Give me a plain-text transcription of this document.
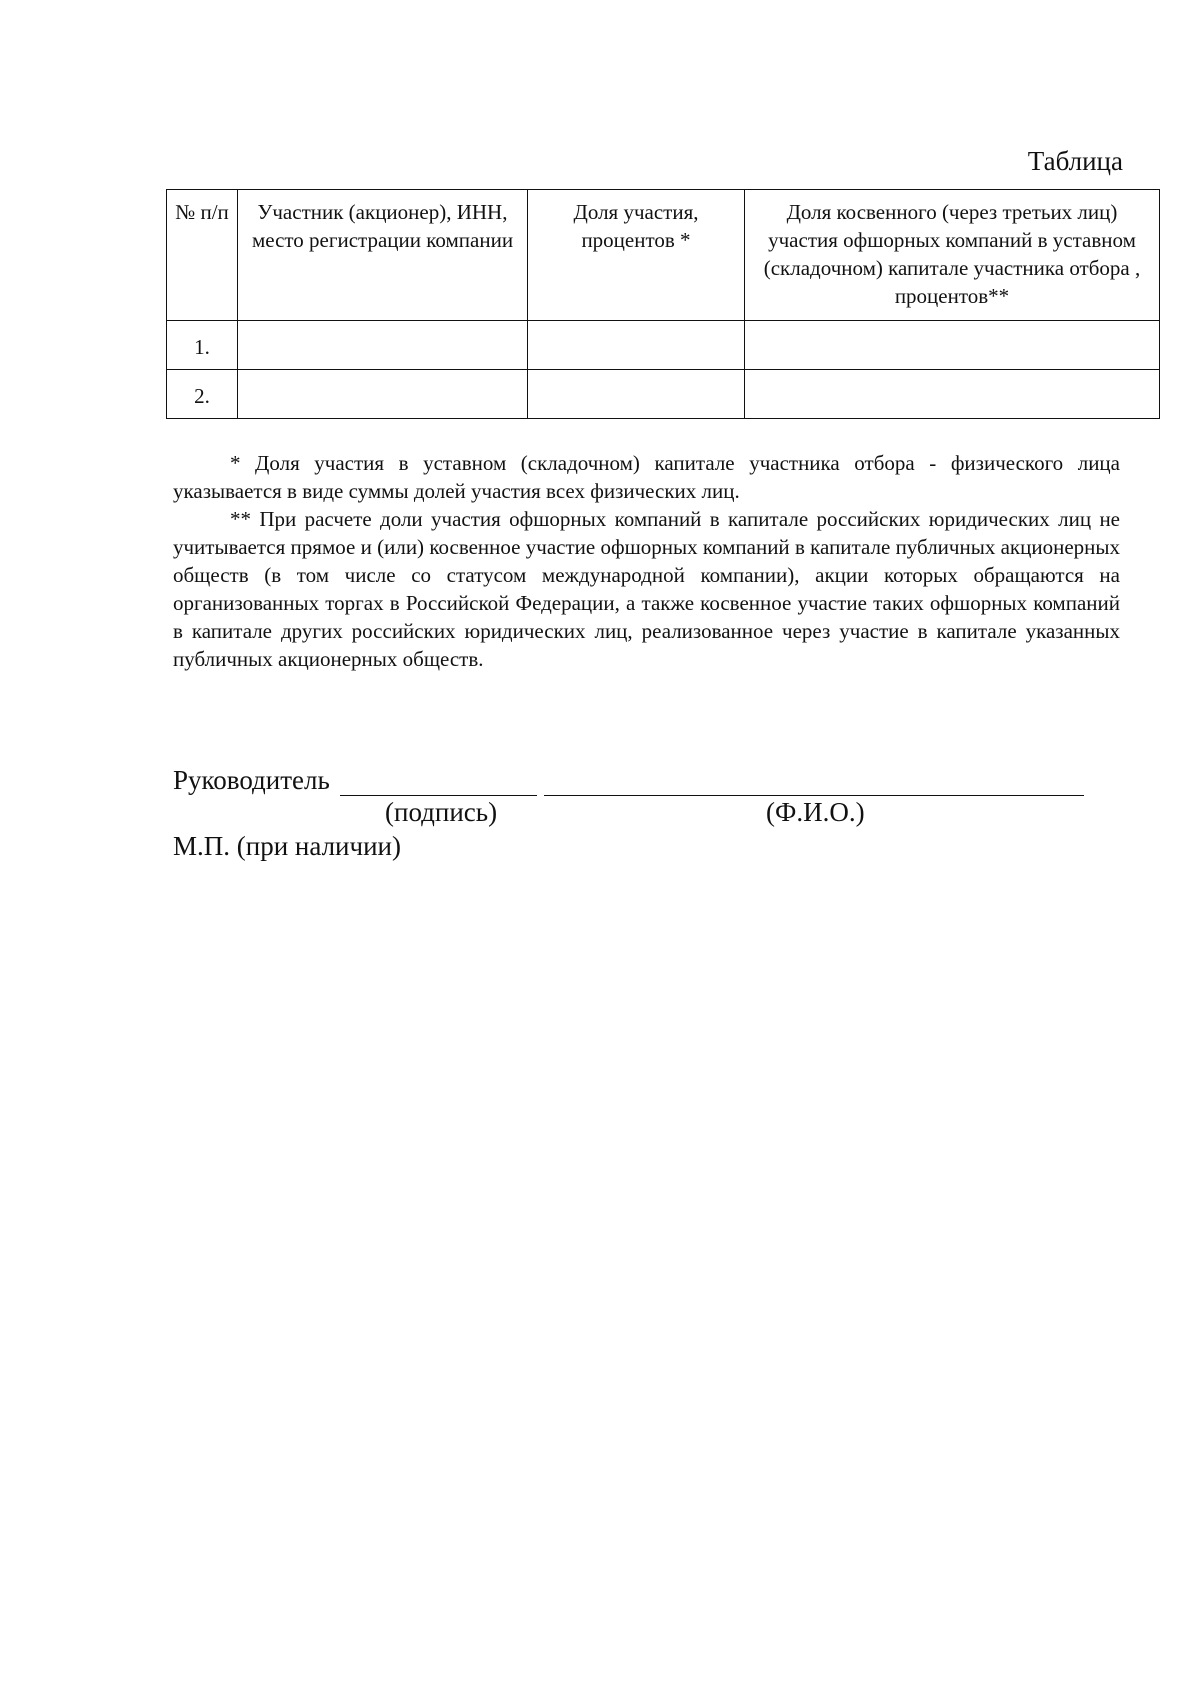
Таблица

№ п/п	Участник (акционер), ИНН, место регистрации компании	Доля участия, процентов *	Доля косвенного (через третьих лиц) участия офшорных компаний в уставном (складочном) капитале участника отбора , процентов**
1.			
2.			

* Доля участия в уставном (складочном) капитале участника отбора - физического лица указывается в виде суммы долей участия всех физических лиц.

** При расчете доли участия офшорных компаний в капитале российских юридических лиц не учитывается прямое и (или) косвенное участие офшорных компаний в капитале публичных акционерных обществ (в том числе со статусом международной компании), акции которых обращаются на организованных торгах в Российской Федерации, а также косвенное участие таких офшорных компаний в капитале других российских юридических лиц, реализованное через участие в капитале указанных публичных акционерных обществ.

Руководитель
(подпись)	(Ф.И.О.)
М.П. (при наличии)
